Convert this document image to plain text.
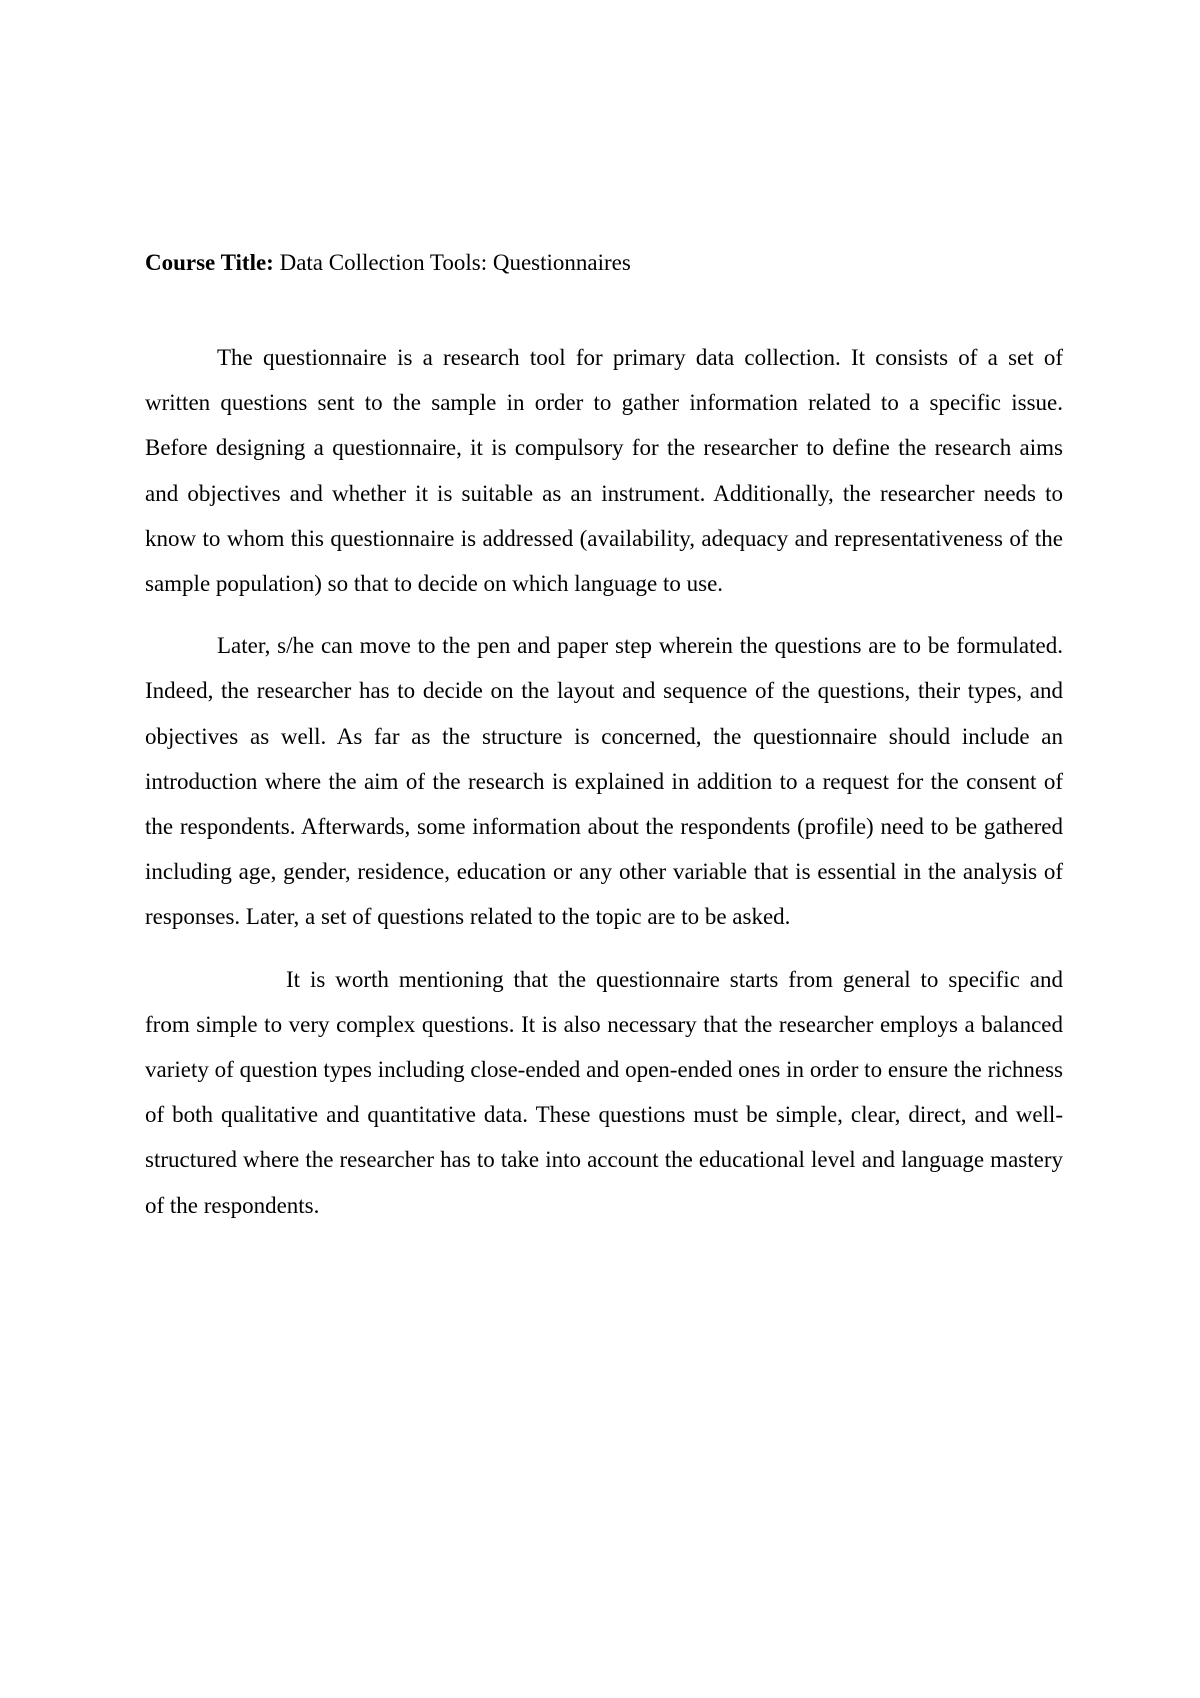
Course Title: Data Collection Tools: Questionnaires

The questionnaire is a research tool for primary data collection. It consists of a set of written questions sent to the sample in order to gather information related to a specific issue. Before designing a questionnaire, it is compulsory for the researcher to define the research aims and objectives and whether it is suitable as an instrument. Additionally, the researcher needs to know to whom this questionnaire is addressed (availability, adequacy and representativeness of the sample population) so that to decide on which language to use.

Later, s/he can move to the pen and paper step wherein the questions are to be formulated. Indeed, the researcher has to decide on the layout and sequence of the questions, their types, and objectives as well. As far as the structure is concerned, the questionnaire should include an introduction where the aim of the research is explained in addition to a request for the consent of the respondents. Afterwards, some information about the respondents (profile) need to be gathered including age, gender, residence, education or any other variable that is essential in the analysis of responses. Later, a set of questions related to the topic are to be asked.

It is worth mentioning that the questionnaire starts from general to specific and from simple to very complex questions. It is also necessary that the researcher employs a balanced variety of question types including close-ended and open-ended ones in order to ensure the richness of both qualitative and quantitative data. These questions must be simple, clear, direct, and well-structured where the researcher has to take into account the educational level and language mastery of the respondents.
